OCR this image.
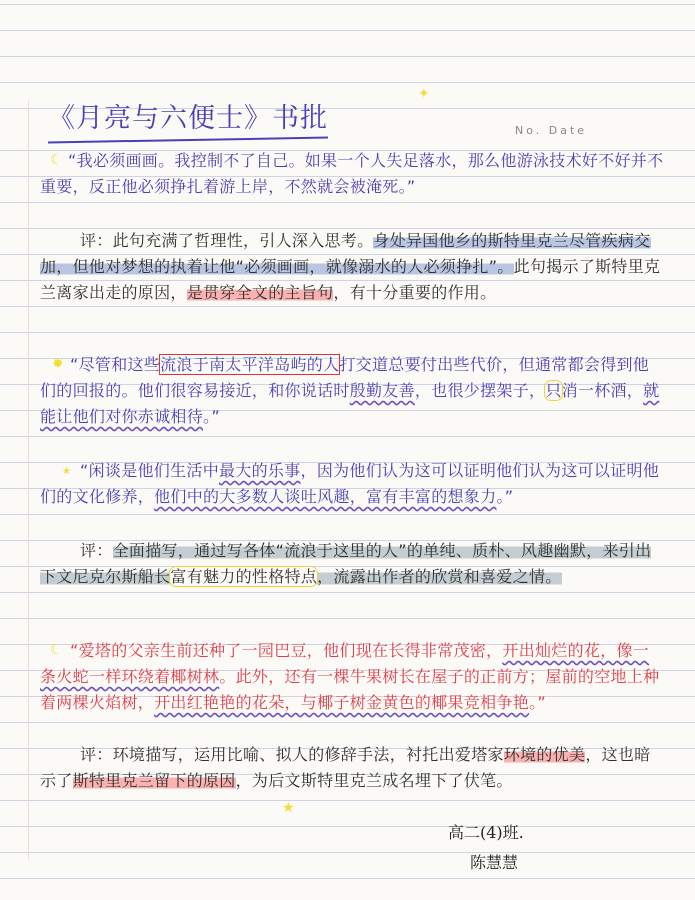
《月亮与六便士》书批
✦
No. Date
☾ “我必须画画。我控制不了自己。如果一个人失足落水，那么他游泳技术好不好并不重要，反正他必须挣扎着游上岸，不然就会被淹死。”
评：此句充满了哲理性，引人深入思考。身处异国他乡的斯特里克兰尽管疾病交加，但他对梦想的执着让他“必须画画，就像溺水的人必须挣扎”。此句揭示了斯特里克兰离家出走的原因，是贯穿全文的主旨句，有十分重要的作用。
✸ “尽管和这些流浪于南太平洋岛屿的人打交道总要付出些代价，但通常都会得到他们的回报的。他们很容易接近，和你说话时殷勤友善，也很少摆架子，只消一杯酒，就能让他们对你赤诚相待。”
★ “闲谈是他们生活中最大的乐事，因为他们认为这可以证明他们认为这可以证明他们的文化修养，他们中的大多数人谈吐风趣，富有丰富的想象力。”
评：全面描写，通过写各体“流浪于这里的人”的单纯、质朴、风趣幽默，来引出下文尼克尔斯船长富有魅力的性格特点，流露出作者的欣赏和喜爱之情。
☾ “爱塔的父亲生前还种了一园巴豆，他们现在长得非常茂密，开出灿烂的花，像一条火蛇一样环绕着椰树林。此外，还有一棵牛果树长在屋子的正前方；屋前的空地上种着两棵火焰树，开出红艳艳的花朵，与椰子树金黄色的椰果竞相争艳。”
评：环境描写，运用比喻、拟人的修辞手法，衬托出爱塔家环境的优美，这也暗示了斯特里克兰留下的原因，为后文斯特里克兰成名埋下了伏笔。
★
高二(4)班.
陈慧慧
